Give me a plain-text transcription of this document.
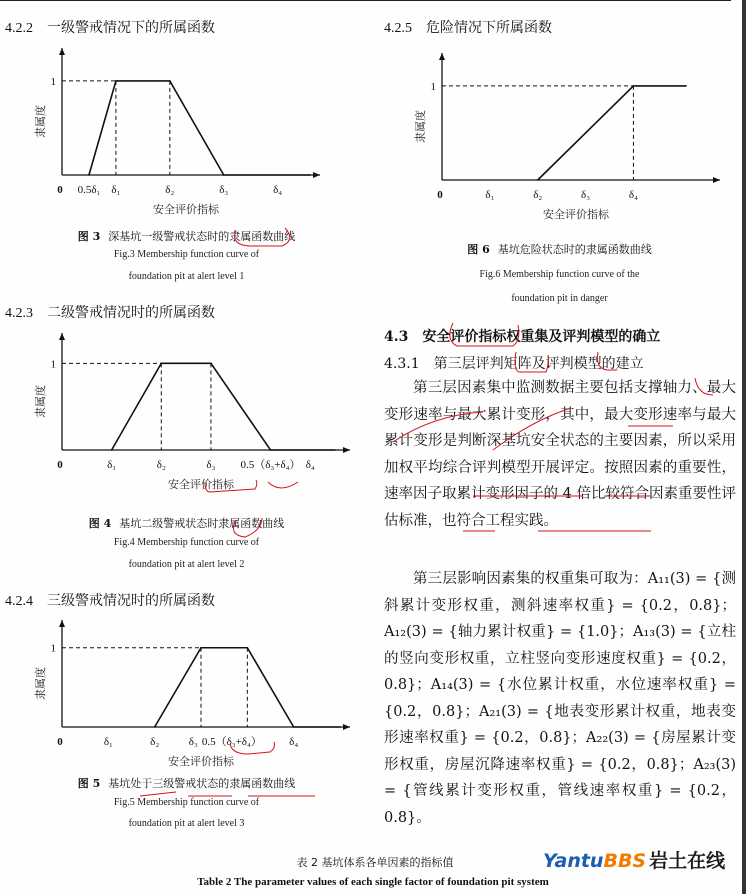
4.2.2 一级警戒情况下的所属函数
1
0 0.5δ₁ δ₁	δ₂	δ₃	δ₄
安全评价指标
隶属度
图 3 深基坑一级警戒状态时的隶属函数曲线
Fig.3 Membership function curve of
foundation pit at alert level 1
4.2.3 二级警戒情况时的所属函数
1
0	δ₁	δ₂	δ₃ 0.5（δ₃+δ₄） δ₄
安全评价指标
隶属度
图 4 基坑二级警戒状态时隶属函数曲线
Fig.4 Membership function curve of
foundation pit at alert level 2
4.2.4 三级警戒情况时的所属函数
1
0	δ₁	δ₂	δ₃ 0.5（δ₃+δ₄） δ₄
安全评价指标
隶属度
图 5 基坑处于三级警戒状态的隶属函数曲线
Fig.5 Membership function curve of
foundation pit at alert level 3
4.2.5 危险情况下所属函数
1
0	δ₁	δ₂	δ₃	δ₄
安全评价指标
隶属度
图 6 基坑危险状态时的隶属函数曲线
Fig.6 Membership function curve of the
foundation pit in danger
4.3 安全评价指标权重集及评判模型的确立
4.3.1 第三层评判矩阵及评判模型的建立
第三层因素集中监测数据主要包括支撑轴力、最大变形速率与最大累计变形，其中，最大变形速率与最大累计变形是判断深基坑安全状态的主要因素，所以采用加权平均综合评判模型开展评定。按照因素的重要性，速率因子取累计变形因子的 4 倍比较符合因素重要性评估标准，也符合工程实践。
第三层影响因素集的权重集可取为：A₁₁(3) = {测斜累计变形权重，测斜速率权重} = {0.2，0.8}；A₁₂(3) = {轴力累计权重} = {1.0}；A₁₃(3) = {立柱的竖向变形权重，立柱竖向变形速度权重} = {0.2，0.8}；A₁₄(3) = {水位累计权重，水位速率权重} = {0.2，0.8}；A₂₁(3) = {地表变形累计权重，地表变形速率权重} = {0.2，0.8}；A₂₂(3) = {房屋累计变形权重，房屋沉降速率权重} = {0.2，0.8}；A₂₃(3) = {管线累计变形权重，管线速率权重} = {0.2，0.8}。
表 2 基坑体系各单因素的指标值
Table 2 The parameter values of each single factor of foundation pit system
YantuBBS 岩土在线
